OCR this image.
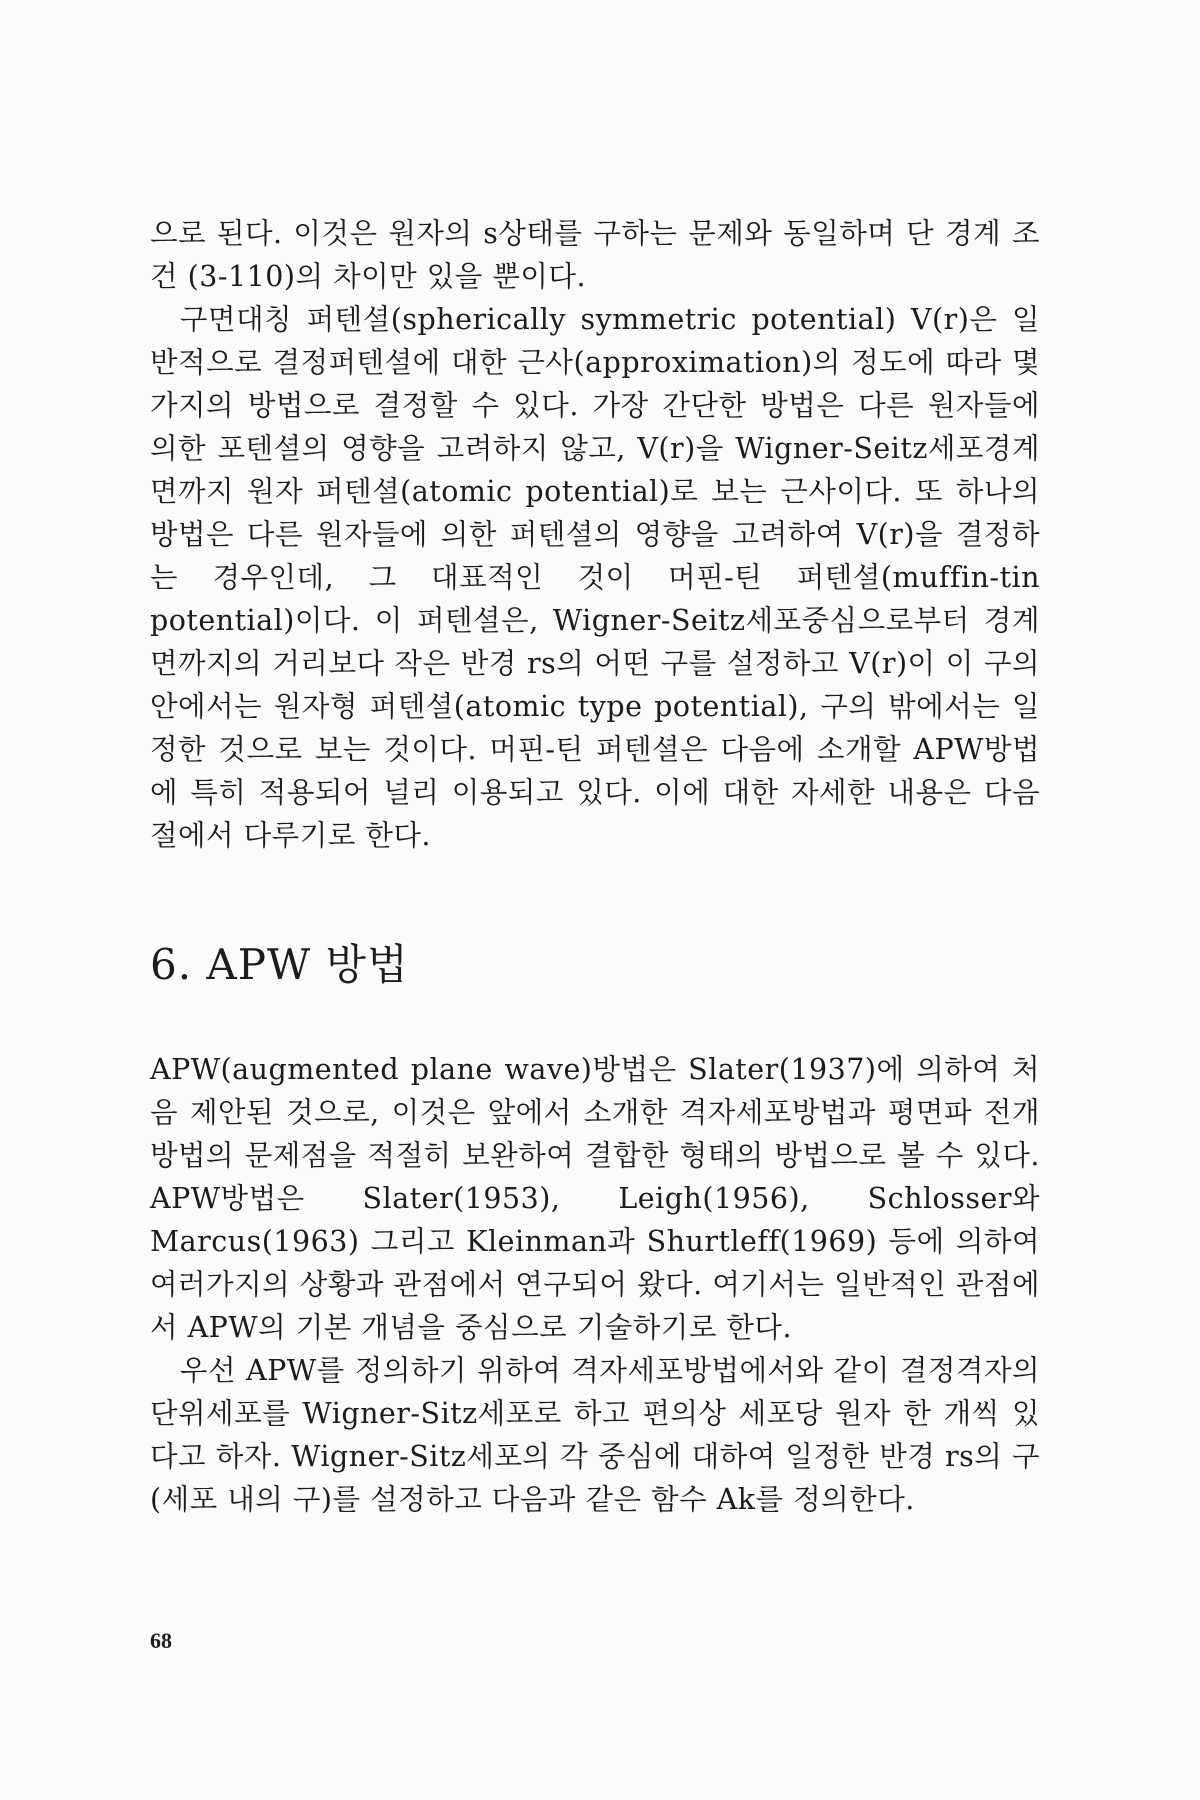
으로 된다. 이것은 원자의 s상태를 구하는 문제와 동일하며 단 경계 조건 (3-110)의 차이만 있을 뿐이다.

구면대칭 퍼텐셜(spherically symmetric potential) V(r)은 일반적으로 결정퍼텐셜에 대한 근사(approximation)의 정도에 따라 몇 가지의 방법으로 결정할 수 있다. 가장 간단한 방법은 다른 원자들에 의한 포텐셜의 영향을 고려하지 않고, V(r)을 Wigner-Seitz세포경계면까지 원자 퍼텐셜(atomic potential)로 보는 근사이다. 또 하나의 방법은 다른 원자들에 의한 퍼텐셜의 영향을 고려하여 V(r)을 결정하는 경우인데, 그 대표적인 것이 머핀-틴 퍼텐셜(muffin-tin potential)이다. 이 퍼텐셜은, Wigner-Seitz세포중심으로부터 경계면까지의 거리보다 작은 반경 rs의 어떤 구를 설정하고 V(r)이 이 구의 안에서는 원자형 퍼텐셜(atomic type potential), 구의 밖에서는 일정한 것으로 보는 것이다. 머핀-틴 퍼텐셜은 다음에 소개할 APW방법에 특히 적용되어 널리 이용되고 있다. 이에 대한 자세한 내용은 다음 절에서 다루기로 한다.

6. APW 방법

APW(augmented plane wave)방법은 Slater(1937)에 의하여 처음 제안된 것으로, 이것은 앞에서 소개한 격자세포방법과 평면파 전개방법의 문제점을 적절히 보완하여 결합한 형태의 방법으로 볼 수 있다. APW방법은 Slater(1953), Leigh(1956), Schlosser와 Marcus(1963) 그리고 Kleinman과 Shurtleff(1969) 등에 의하여 여러가지의 상황과 관점에서 연구되어 왔다. 여기서는 일반적인 관점에서 APW의 기본 개념을 중심으로 기술하기로 한다.

우선 APW를 정의하기 위하여 격자세포방법에서와 같이 결정격자의 단위세포를 Wigner-Sitz세포로 하고 편의상 세포당 원자 한 개씩 있다고 하자. Wigner-Sitz세포의 각 중심에 대하여 일정한 반경 rs의 구(세포 내의 구)를 설정하고 다음과 같은 함수 Ak를 정의한다.

68
